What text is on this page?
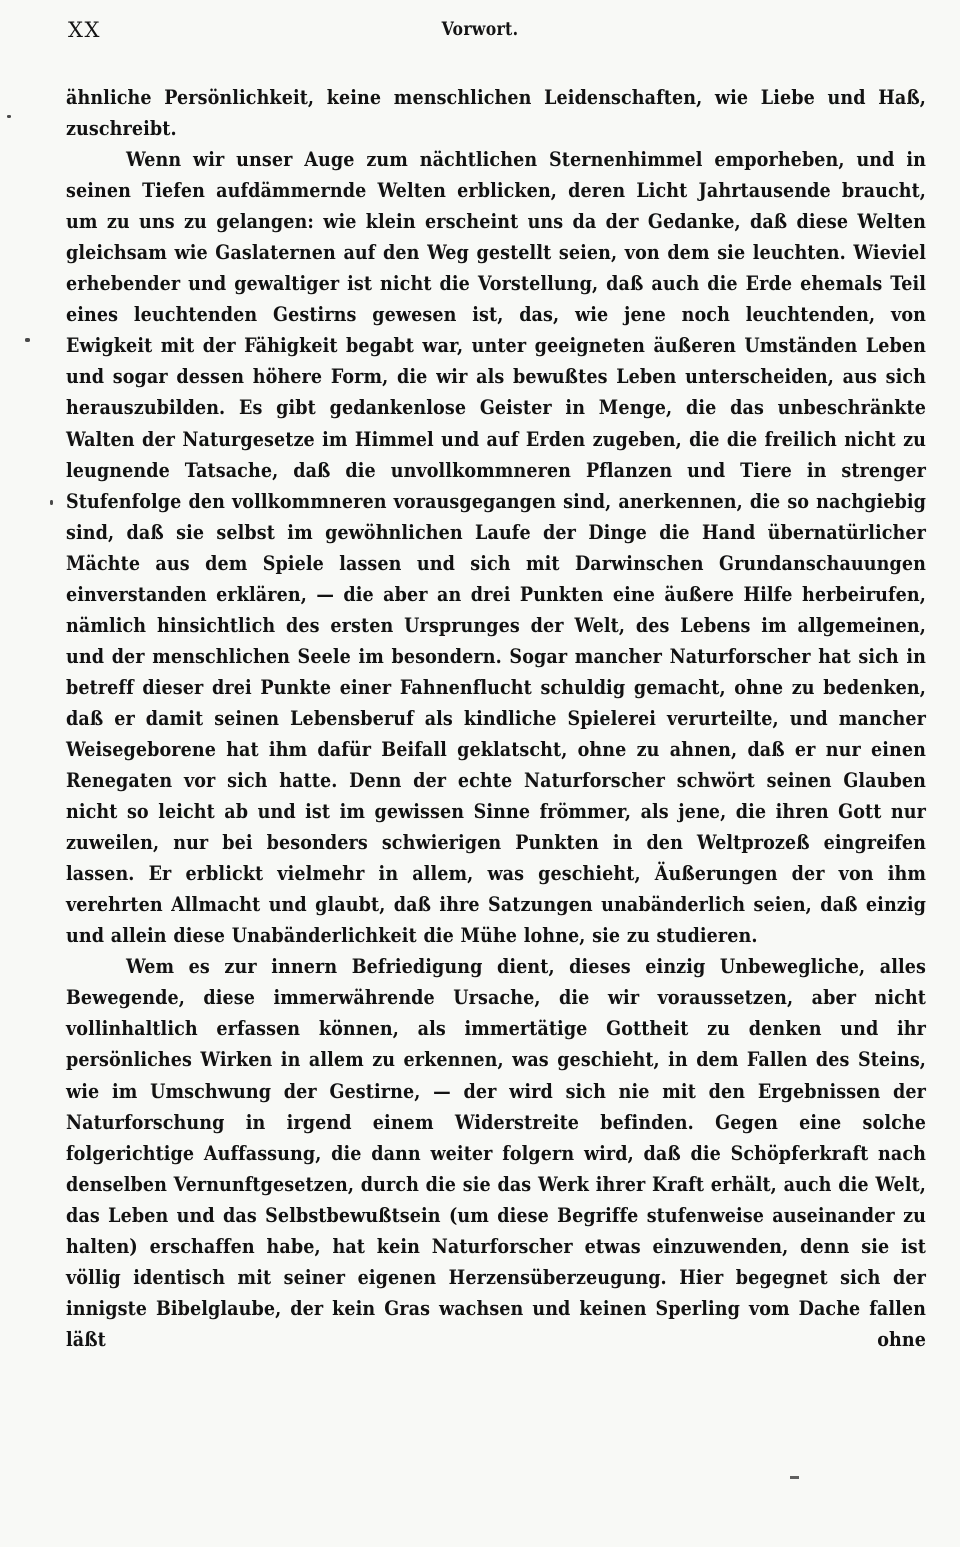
XX	Vorwort.

ähnliche Persönlichkeit, keine menschlichen Leidenschaften, wie Liebe und Haß, zuschreibt.

Wenn wir unser Auge zum nächtlichen Sternenhimmel emporheben, und in seinen Tiefen aufdämmernde Welten erblicken, deren Licht Jahrtausende braucht, um zu uns zu gelangen: wie klein erscheint uns da der Gedanke, daß diese Welten gleichsam wie Gaslaternen auf den Weg gestellt seien, von dem sie leuchten. Wieviel erhebender und gewaltiger ist nicht die Vorstellung, daß auch die Erde ehemals Teil eines leuchtenden Gestirns gewesen ist, das, wie jene noch leuchtenden, von Ewigkeit mit der Fähigkeit begabt war, unter geeigneten äußeren Umständen Leben und sogar dessen höhere Form, die wir als bewußtes Leben unterscheiden, aus sich herauszubilden. Es gibt gedankenlose Geister in Menge, die das unbeschränkte Walten der Naturgesetze im Himmel und auf Erden zugeben, die die freilich nicht zu leugnende Tatsache, daß die unvollkommneren Pflanzen und Tiere in strenger Stufenfolge den vollkommneren vorausgegangen sind, anerkennen, die so nachgiebig sind, daß sie selbst im gewöhnlichen Laufe der Dinge die Hand übernatürlicher Mächte aus dem Spiele lassen und sich mit Darwinschen Grundanschauungen einverstanden erklären, — die aber an drei Punkten eine äußere Hilfe herbeirufen, nämlich hinsichtlich des ersten Ursprunges der Welt, des Lebens im allgemeinen, und der menschlichen Seele im besondern. Sogar mancher Naturforscher hat sich in betreff dieser drei Punkte einer Fahnenflucht schuldig gemacht, ohne zu bedenken, daß er damit seinen Lebensberuf als kindliche Spielerei verurteilte, und mancher Weisegeborene hat ihm dafür Beifall geklatscht, ohne zu ahnen, daß er nur einen Renegaten vor sich hatte. Denn der echte Naturforscher schwört seinen Glauben nicht so leicht ab und ist im gewissen Sinne frömmer, als jene, die ihren Gott nur zuweilen, nur bei besonders schwierigen Punkten in den Weltprozeß eingreifen lassen. Er erblickt vielmehr in allem, was geschieht, Äußerungen der von ihm verehrten Allmacht und glaubt, daß ihre Satzungen unabänderlich seien, daß einzig und allein diese Unabänderlichkeit die Mühe lohne, sie zu studieren.

Wem es zur innern Befriedigung dient, dieses einzig Unbewegliche, alles Bewegende, diese immerwährende Ursache, die wir voraussetzen, aber nicht vollinhaltlich erfassen können, als immertätige Gottheit zu denken und ihr persönliches Wirken in allem zu erkennen, was geschieht, in dem Fallen des Steins, wie im Umschwung der Gestirne, — der wird sich nie mit den Ergebnissen der Naturforschung in irgend einem Widerstreite befinden. Gegen eine solche folgerichtige Auffassung, die dann weiter folgern wird, daß die Schöpferkraft nach denselben Vernunftgesetzen, durch die sie das Werk ihrer Kraft erhält, auch die Welt, das Leben und das Selbstbewußtsein (um diese Begriffe stufenweise auseinander zu halten) erschaffen habe, hat kein Naturforscher etwas einzuwenden, denn sie ist völlig identisch mit seiner eigenen Herzensüberzeugung. Hier begegnet sich der innigste Bibelglaube, der kein Gras wachsen und keinen Sperling vom Dache fallen läßt ohne
